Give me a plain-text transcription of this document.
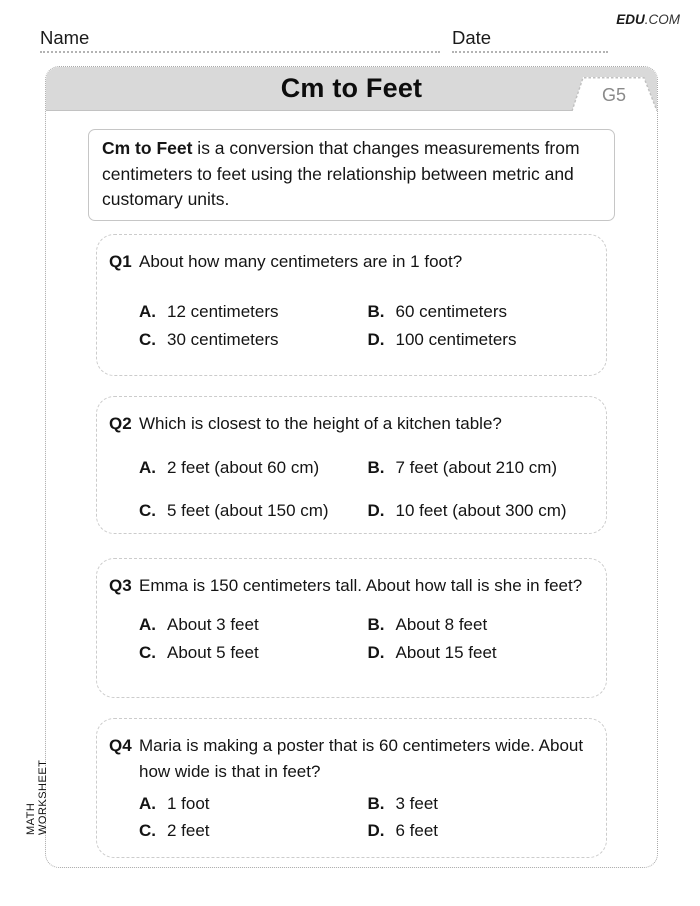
EDU.COM
Name	Date
Cm to Feet	G5
Cm to Feet is a conversion that changes measurements from centimeters to feet using the relationship between metric and customary units.
Q1 About how many centimeters are in 1 foot?
A. 12 centimeters	B. 60 centimeters
C. 30 centimeters	D. 100 centimeters
Q2 Which is closest to the height of a kitchen table?
A. 2 feet (about 60 cm)	B. 7 feet (about 210 cm)
C. 5 feet (about 150 cm) D. 10 feet (about 300 cm)
Q3 Emma is 150 centimeters tall. About how tall is she in feet?
A. About 3 feet	B. About 8 feet
C. About 5 feet	D. About 15 feet
Q4 Maria is making a poster that is 60 centimeters wide. About how wide is that in feet?
A. 1 foot	B. 3 feet
C. 2 feet	D. 6 feet
MATH WORKSHEET
